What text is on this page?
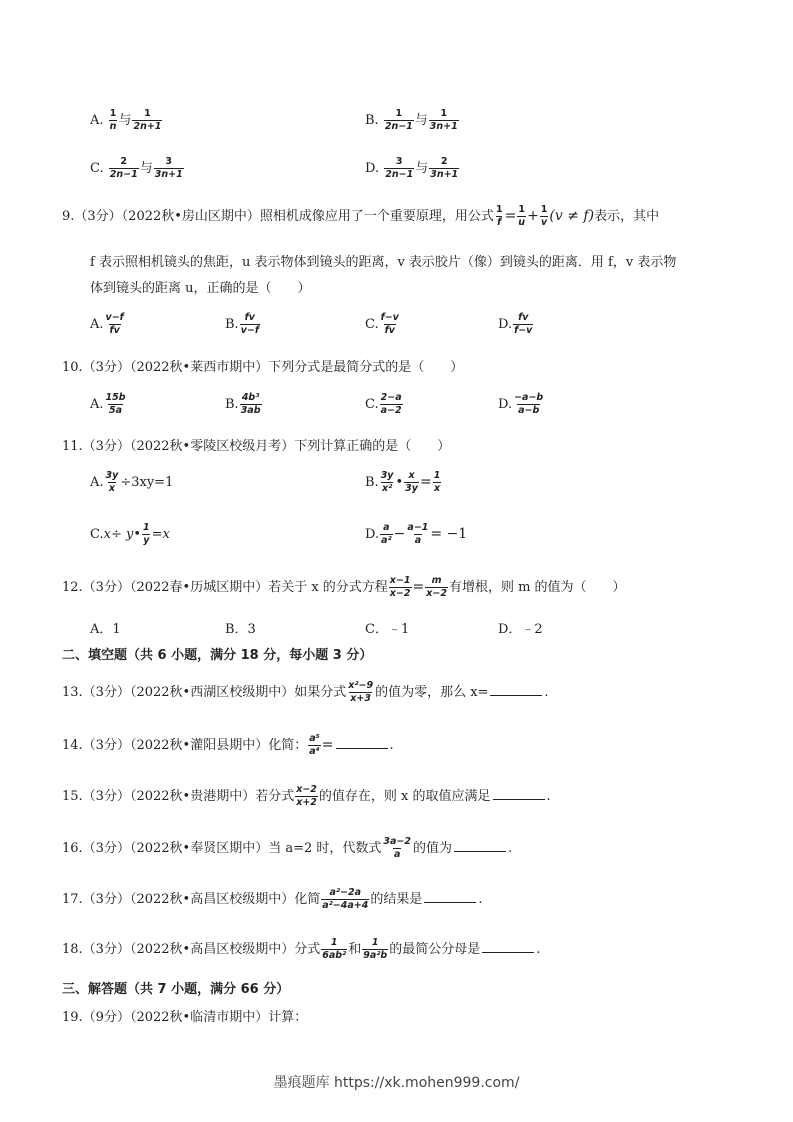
A. $\frac{1}{n}$ 与 $\frac{1}{2n+1}$	B. $\frac{1}{2n-1}$ 与 $\frac{1}{3n+1}$
C. $\frac{2}{2n-1}$ 与 $\frac{3}{3n+1}$	D. $\frac{3}{2n-1}$ 与 $\frac{2}{3n+1}$
9.（3分）（2022秋•房山区期中）照相机成像应用了一个重要原理，用公式 $\frac{1}{f} = \frac{1}{u} + \frac{1}{v} (v \ne f)$表示，其中
f 表示照相机镜头的焦距，u 表示物体到镜头的距离，v 表示胶片（像）到镜头的距离．用 f，v 表示物
体到镜头的距离 u，正确的是（　　）
A. $\frac{v-f}{fv}$	B. $\frac{fv}{v-f}$	C. $\frac{f-v}{fv}$	D. $\frac{fv}{f-v}$
10.（3分）（2022秋•莱西市期中）下列分式是最简分式的是（　　）
A. $\frac{15b}{5a}$	B. $\frac{\text{4b³}}{3ab}$	C. $\frac{2-a}{a-2}$	D. $\frac{-a-b}{a-b}$
11.（3分）（2022秋•零陵区校级月考）下列计算正确的是（　　）
A. $\frac{3y}{x} \div 3xy=1$	B. $\frac{3y}{\text{x²}}$ • $\frac{x}{3y} = \frac{1}{x}$
C.x÷ y• $\frac{1}{y} =x$	D. $\frac{a}{\text{a²}} - \frac{a-1}{a} = -1$
12.（3分）（2022春•历城区期中）若关于 x 的分式方程 $\frac{x-1}{x-2} = \frac{m}{x-2}$ 有增根，则 m 的值为（　　）
A．1	B．3	C．﹣1	D．﹣2
二、填空题（共 6 小题，满分 18 分，每小题 3 分）
13.（3分）（2022秋•西湖区校级期中）如果分式 $\frac{\text{x²−9}}{x+3}$ 的值为零，那么 x=	.
14.（3分）（2022秋•灌阳县期中）化简： $\frac{\text{a⁵}}{\text{a⁴}}$ =	.
15.（3分）（2022秋•贵港期中）若分式 $\frac{x-2}{x+2}$ 的值存在，则 x 的取值应满足	.
16.（3分）（2022秋•奉贤区期中）当 a=2 时，代数式 $\frac{3a-2}{a}$ 的值为	.
17.（3分）（2022秋•高昌区校级期中）化简 $\frac{\text{a²−2a}}{\text{a²−4a+4}}$ 的结果是	.
18.（3分）（2022秋•高昌区校级期中）分式 $\frac{1}{\text{6ab²}}$ 和 $\frac{1}{\text{9a²b}}$ 的最简公分母是	.
三、解答题（共 7 小题，满分 66 分）
19.（9分）（2022秋•临清市期中）计算：
墨痕题库 https://xk.mohen999.com/
